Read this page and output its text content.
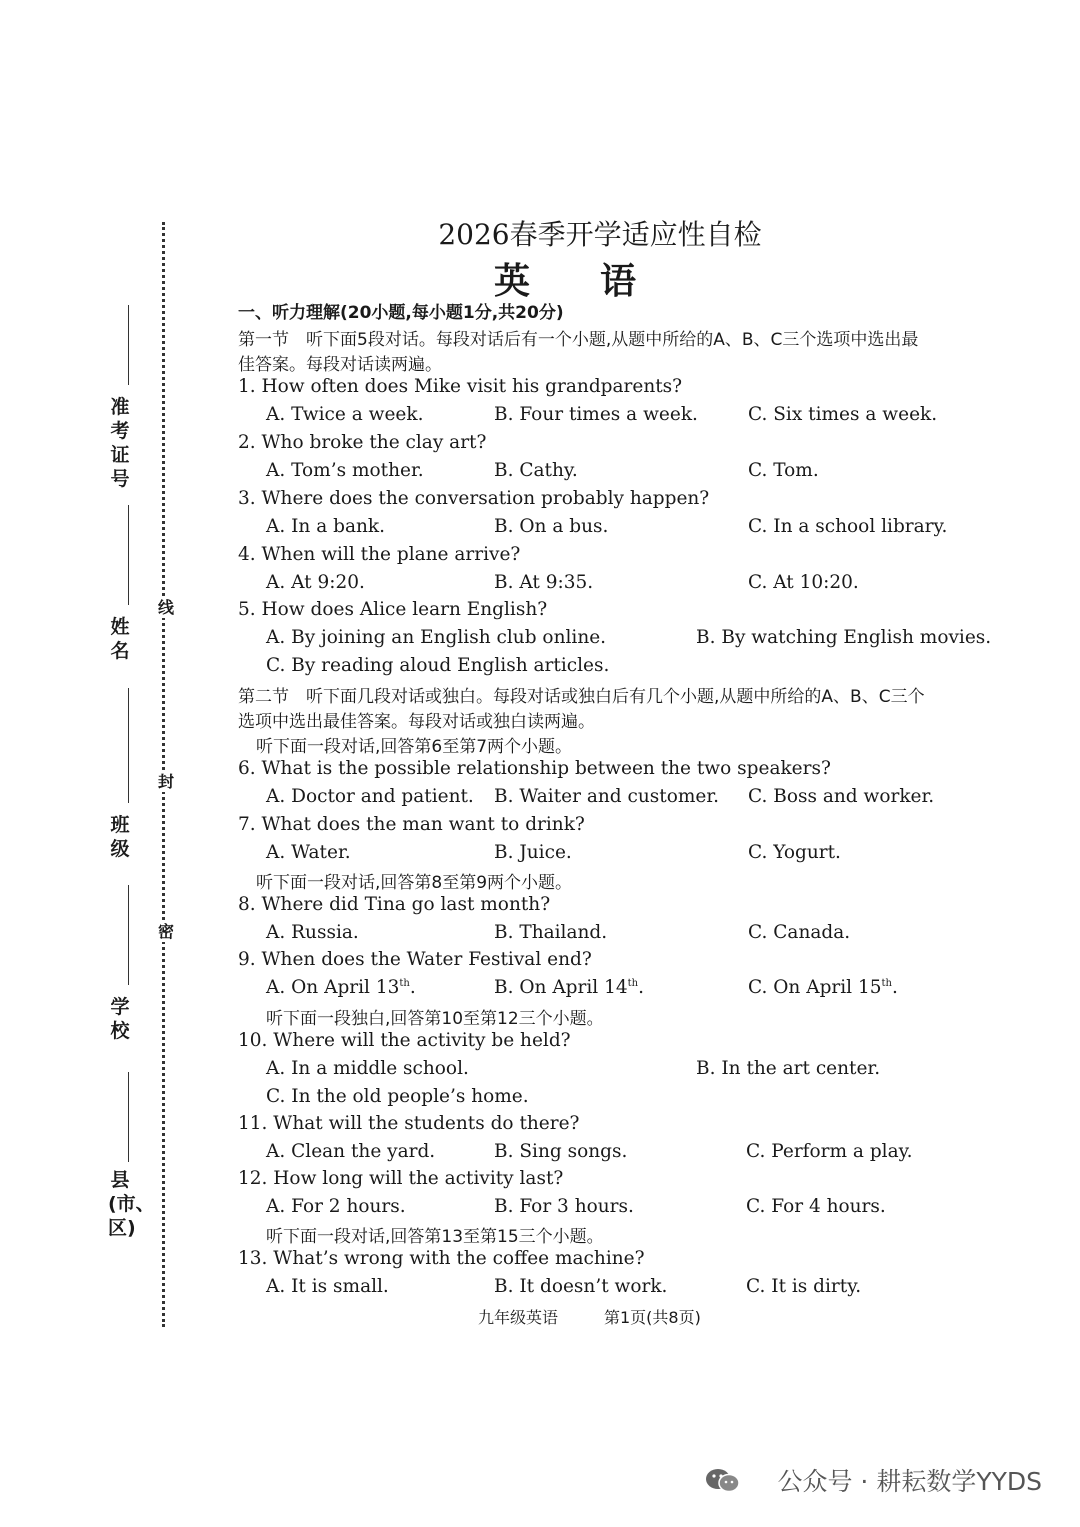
准考证号
姓名
班级
学校
县(市、区)
线
封
密
2026春季开学适应性自检
英语
一、听力理解(20小题,每小题1分,共20分)
第一节　听下面5段对话。每段对话后有一个小题,从题中所给的A、B、C三个选项中选出最
佳答案。每段对话读两遍。
1. How often does Mike visit his grandparents?
A. Twice a week.	B. Four times a week.	C. Six times a week.
2. Who broke the clay art?
A. Tom’s mother.	B. Cathy.	C. Tom.
3. Where does the conversation probably happen?
A. In a bank.	B. On a bus.	C. In a school library.
4. When will the plane arrive?
A. At 9:20.	B. At 9:35.	C. At 10:20.
5. How does Alice learn English?
A. By joining an English club online.	B. By watching English movies.
C. By reading aloud English articles.
第二节　听下面几段对话或独白。每段对话或独白后有几个小题,从题中所给的A、B、C三个
选项中选出最佳答案。每段对话或独白读两遍。
听下面一段对话,回答第6至第7两个小题。
6. What is the possible relationship between the two speakers?
A. Doctor and patient. B. Waiter and customer. C. Boss and worker.
7. What does the man want to drink?
A. Water.	B. Juice.	C. Yogurt.
听下面一段对话,回答第8至第9两个小题。
8. Where did Tina go last month?
A. Russia.	B. Thailand.	C. Canada.
9. When does the Water Festival end?
A. On April 13th.	B. On April 14th.	C. On April 15th.
听下面一段独白,回答第10至第12三个小题。
10. Where will the activity be held?
A. In a middle school.	B. In the art center.
C. In the old people’s home.
11. What will the students do there?
A. Clean the yard.	B. Sing songs.	C. Perform a play.
12. How long will the activity last?
A. For 2 hours.	B. For 3 hours.	C. For 4 hours.
听下面一段对话,回答第13至第15三个小题。
13. What’s wrong with the coffee machine?
A. It is small.	B. It doesn’t work.	C. It is dirty.
九年级英语	第1页(共8页)
公众号 · 耕耘数学YYDS
